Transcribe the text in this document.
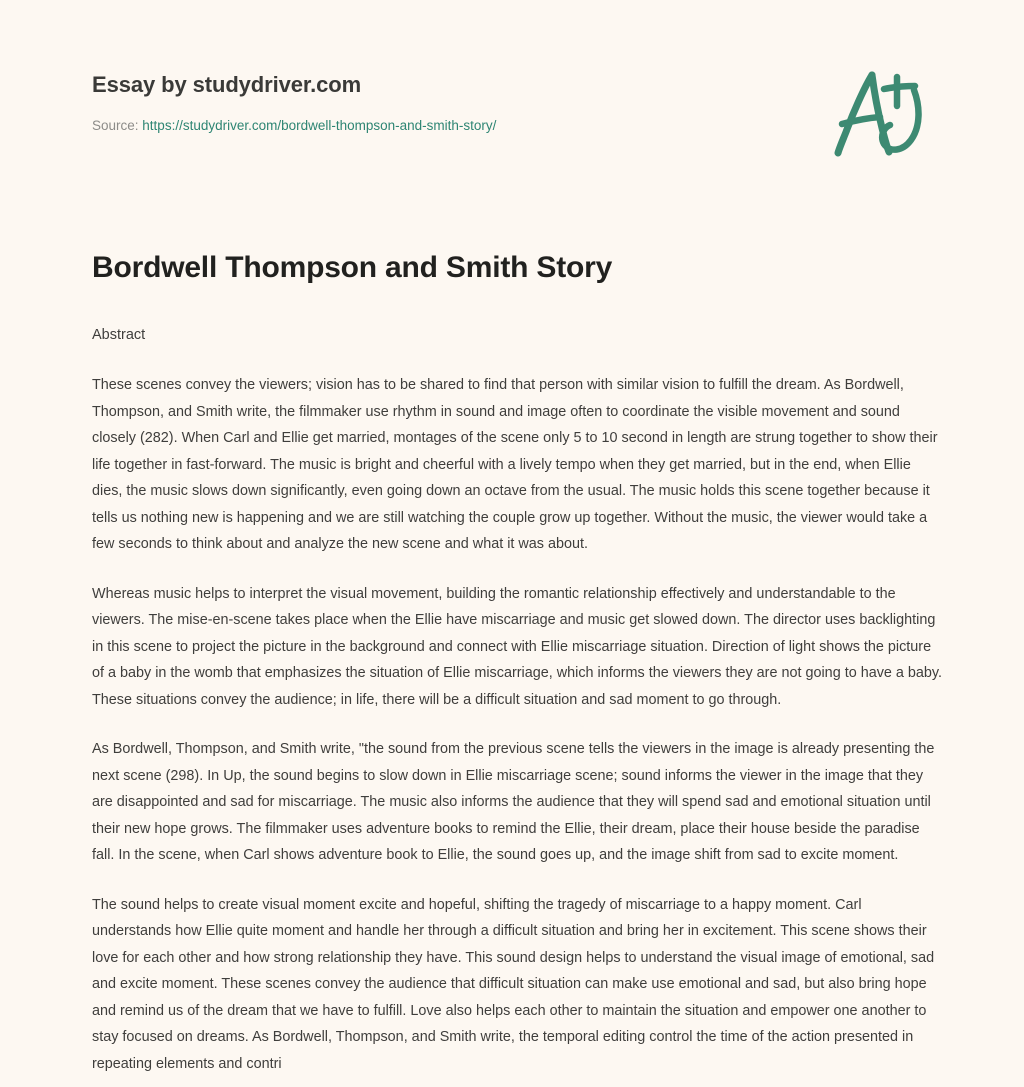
Essay by studydriver.com
Source: https://studydriver.com/bordwell-thompson-and-smith-story/
Bordwell Thompson and Smith Story
Abstract

These scenes convey the viewers; vision has to be shared to find that person with similar vision to fulfill the dream. As Bordwell, Thompson, and Smith write, the filmmaker use rhythm in sound and image often to coordinate the visible movement and sound closely (282). When Carl and Ellie get married, montages of the scene only 5 to 10 second in length are strung together to show their life together in fast-forward. The music is bright and cheerful with a lively tempo when they get married, but in the end, when Ellie dies, the music slows down significantly, even going down an octave from the usual. The music holds this scene together because it tells us nothing new is happening and we are still watching the couple grow up together. Without the music, the viewer would take a few seconds to think about and analyze the new scene and what it was about.

Whereas music helps to interpret the visual movement, building the romantic relationship effectively and understandable to the viewers. The mise-en-scene takes place when the Ellie have miscarriage and music get slowed down. The director uses backlighting in this scene to project the picture in the background and connect with Ellie miscarriage situation. Direction of light shows the picture of a baby in the womb that emphasizes the situation of Ellie miscarriage, which informs the viewers they are not going to have a baby. These situations convey the audience; in life, there will be a difficult situation and sad moment to go through.

As Bordwell, Thompson, and Smith write, "the sound from the previous scene tells the viewers in the image is already presenting the next scene (298). In Up, the sound begins to slow down in Ellie miscarriage scene; sound informs the viewer in the image that they are disappointed and sad for miscarriage. The music also informs the audience that they will spend sad and emotional situation until their new hope grows. The filmmaker uses adventure books to remind the Ellie, their dream, place their house beside the paradise fall. In the scene, when Carl shows adventure book to Ellie, the sound goes up, and the image shift from sad to excite moment.

The sound helps to create visual moment excite and hopeful, shifting the tragedy of miscarriage to a happy moment. Carl understands how Ellie quite moment and handle her through a difficult situation and bring her in excitement. This scene shows their love for each other and how strong relationship they have. This sound design helps to understand the visual image of emotional, sad and excite moment. These scenes convey the audience that difficult situation can make use emotional and sad, but also bring hope and remind us of the dream that we have to fulfill. Love also helps each other to maintain the situation and empower one another to stay focused on dreams. As Bordwell, Thompson, and Smith write, the temporal editing control the time of the action presented in repeating elements and contri
